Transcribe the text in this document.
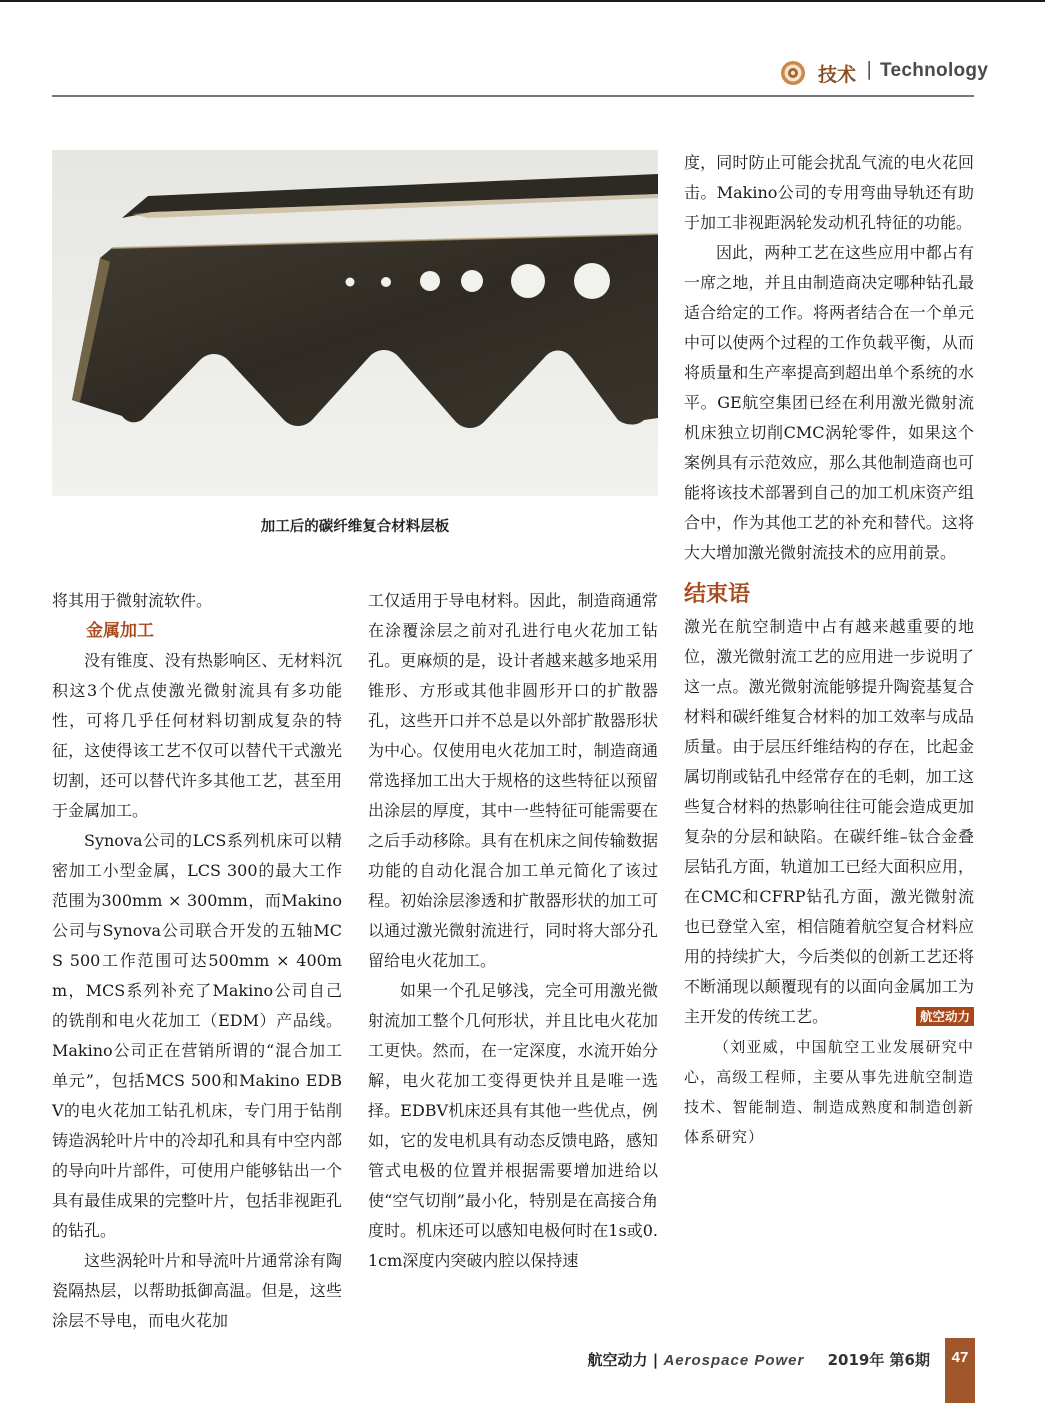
技术 | Technology
加工后的碳纤维复合材料层板

将其用于微射流软件。

金属加工

没有锥度、没有热影响区、无材料沉积这3个优点使激光微射流具有多功能性，可将几乎任何材料切割成复杂的特征，这使得该工艺不仅可以替代干式激光切割，还可以替代许多其他工艺，甚至用于金属加工。

Synova公司的LCS系列机床可以精密加工小型金属，LCS 300的最大工作范围为300mm × 300mm，而Makino公司与Synova公司联合开发的五轴MCS 500工作范围可达500mm × 400mm，MCS系列补充了Makino公司自己的铣削和电火花加工（EDM）产品线。Makino公司正在营销所谓的“混合加工单元”，包括MCS 500和Makino EDBV的电火花加工钻孔机床，专门用于钻削铸造涡轮叶片中的冷却孔和具有中空内部的导向叶片部件，可使用户能够钻出一个具有最佳成果的完整叶片，包括非视距孔的钻孔。

这些涡轮叶片和导流叶片通常涂有陶瓷隔热层，以帮助抵御高温。但是，这些涂层不导电，而电火花加

工仅适用于导电材料。因此，制造商通常在涂覆涂层之前对孔进行电火花加工钻孔。更麻烦的是，设计者越来越多地采用锥形、方形或其他非圆形开口的扩散器孔，这些开口并不总是以外部扩散器形状为中心。仅使用电火花加工时，制造商通常选择加工出大于规格的这些特征以预留出涂层的厚度，其中一些特征可能需要在之后手动移除。具有在机床之间传输数据功能的自动化混合加工单元简化了该过程。初始涂层渗透和扩散器形状的加工可以通过激光微射流进行，同时将大部分孔留给电火花加工。

如果一个孔足够浅，完全可用激光微射流加工整个几何形状，并且比电火花加工更快。然而，在一定深度，水流开始分解，电火花加工变得更快并且是唯一选择。EDBV机床还具有其他一些优点，例如，它的发电机具有动态反馈电路，感知管式电极的位置并根据需要增加进给以使“空气切削”最小化，特别是在高接合角度时。机床还可以感知电极何时在1s或0.1cm深度内突破内腔以保持速

度，同时防止可能会扰乱气流的电火花回击。Makino公司的专用弯曲导轨还有助于加工非视距涡轮发动机孔特征的功能。

因此，两种工艺在这些应用中都占有一席之地，并且由制造商决定哪种钻孔最适合给定的工作。将两者结合在一个单元中可以使两个过程的工作负载平衡，从而将质量和生产率提高到超出单个系统的水平。GE航空集团已经在利用激光微射流机床独立切削CMC涡轮零件，如果这个案例具有示范效应，那么其他制造商也可能将该技术部署到自己的加工机床资产组合中，作为其他工艺的补充和替代。这将大大增加激光微射流技术的应用前景。

结束语

激光在航空制造中占有越来越重要的地位，激光微射流工艺的应用进一步说明了这一点。激光微射流能够提升陶瓷基复合材料和碳纤维复合材料的加工效率与成品质量。由于层压纤维结构的存在，比起金属切削或钻孔中经常存在的毛刺，加工这些复合材料的热影响往往可能会造成更加复杂的分层和缺陷。在碳纤维–钛合金叠层钻孔方面，轨道加工已经大面积应用，在CMC和CFRP钻孔方面，激光微射流也已登堂入室，相信随着航空复合材料应用的持续扩大，今后类似的创新工艺还将不断涌现以颠覆现有的以面向金属加工为主开发的传统工艺。	航空动力

（刘亚威，中国航空工业发展研究中心，高级工程师，主要从事先进航空制造技术、智能制造、制造成熟度和制造创新体系研究）

航空动力 | Aerospace Power 2019年 第6期	47
